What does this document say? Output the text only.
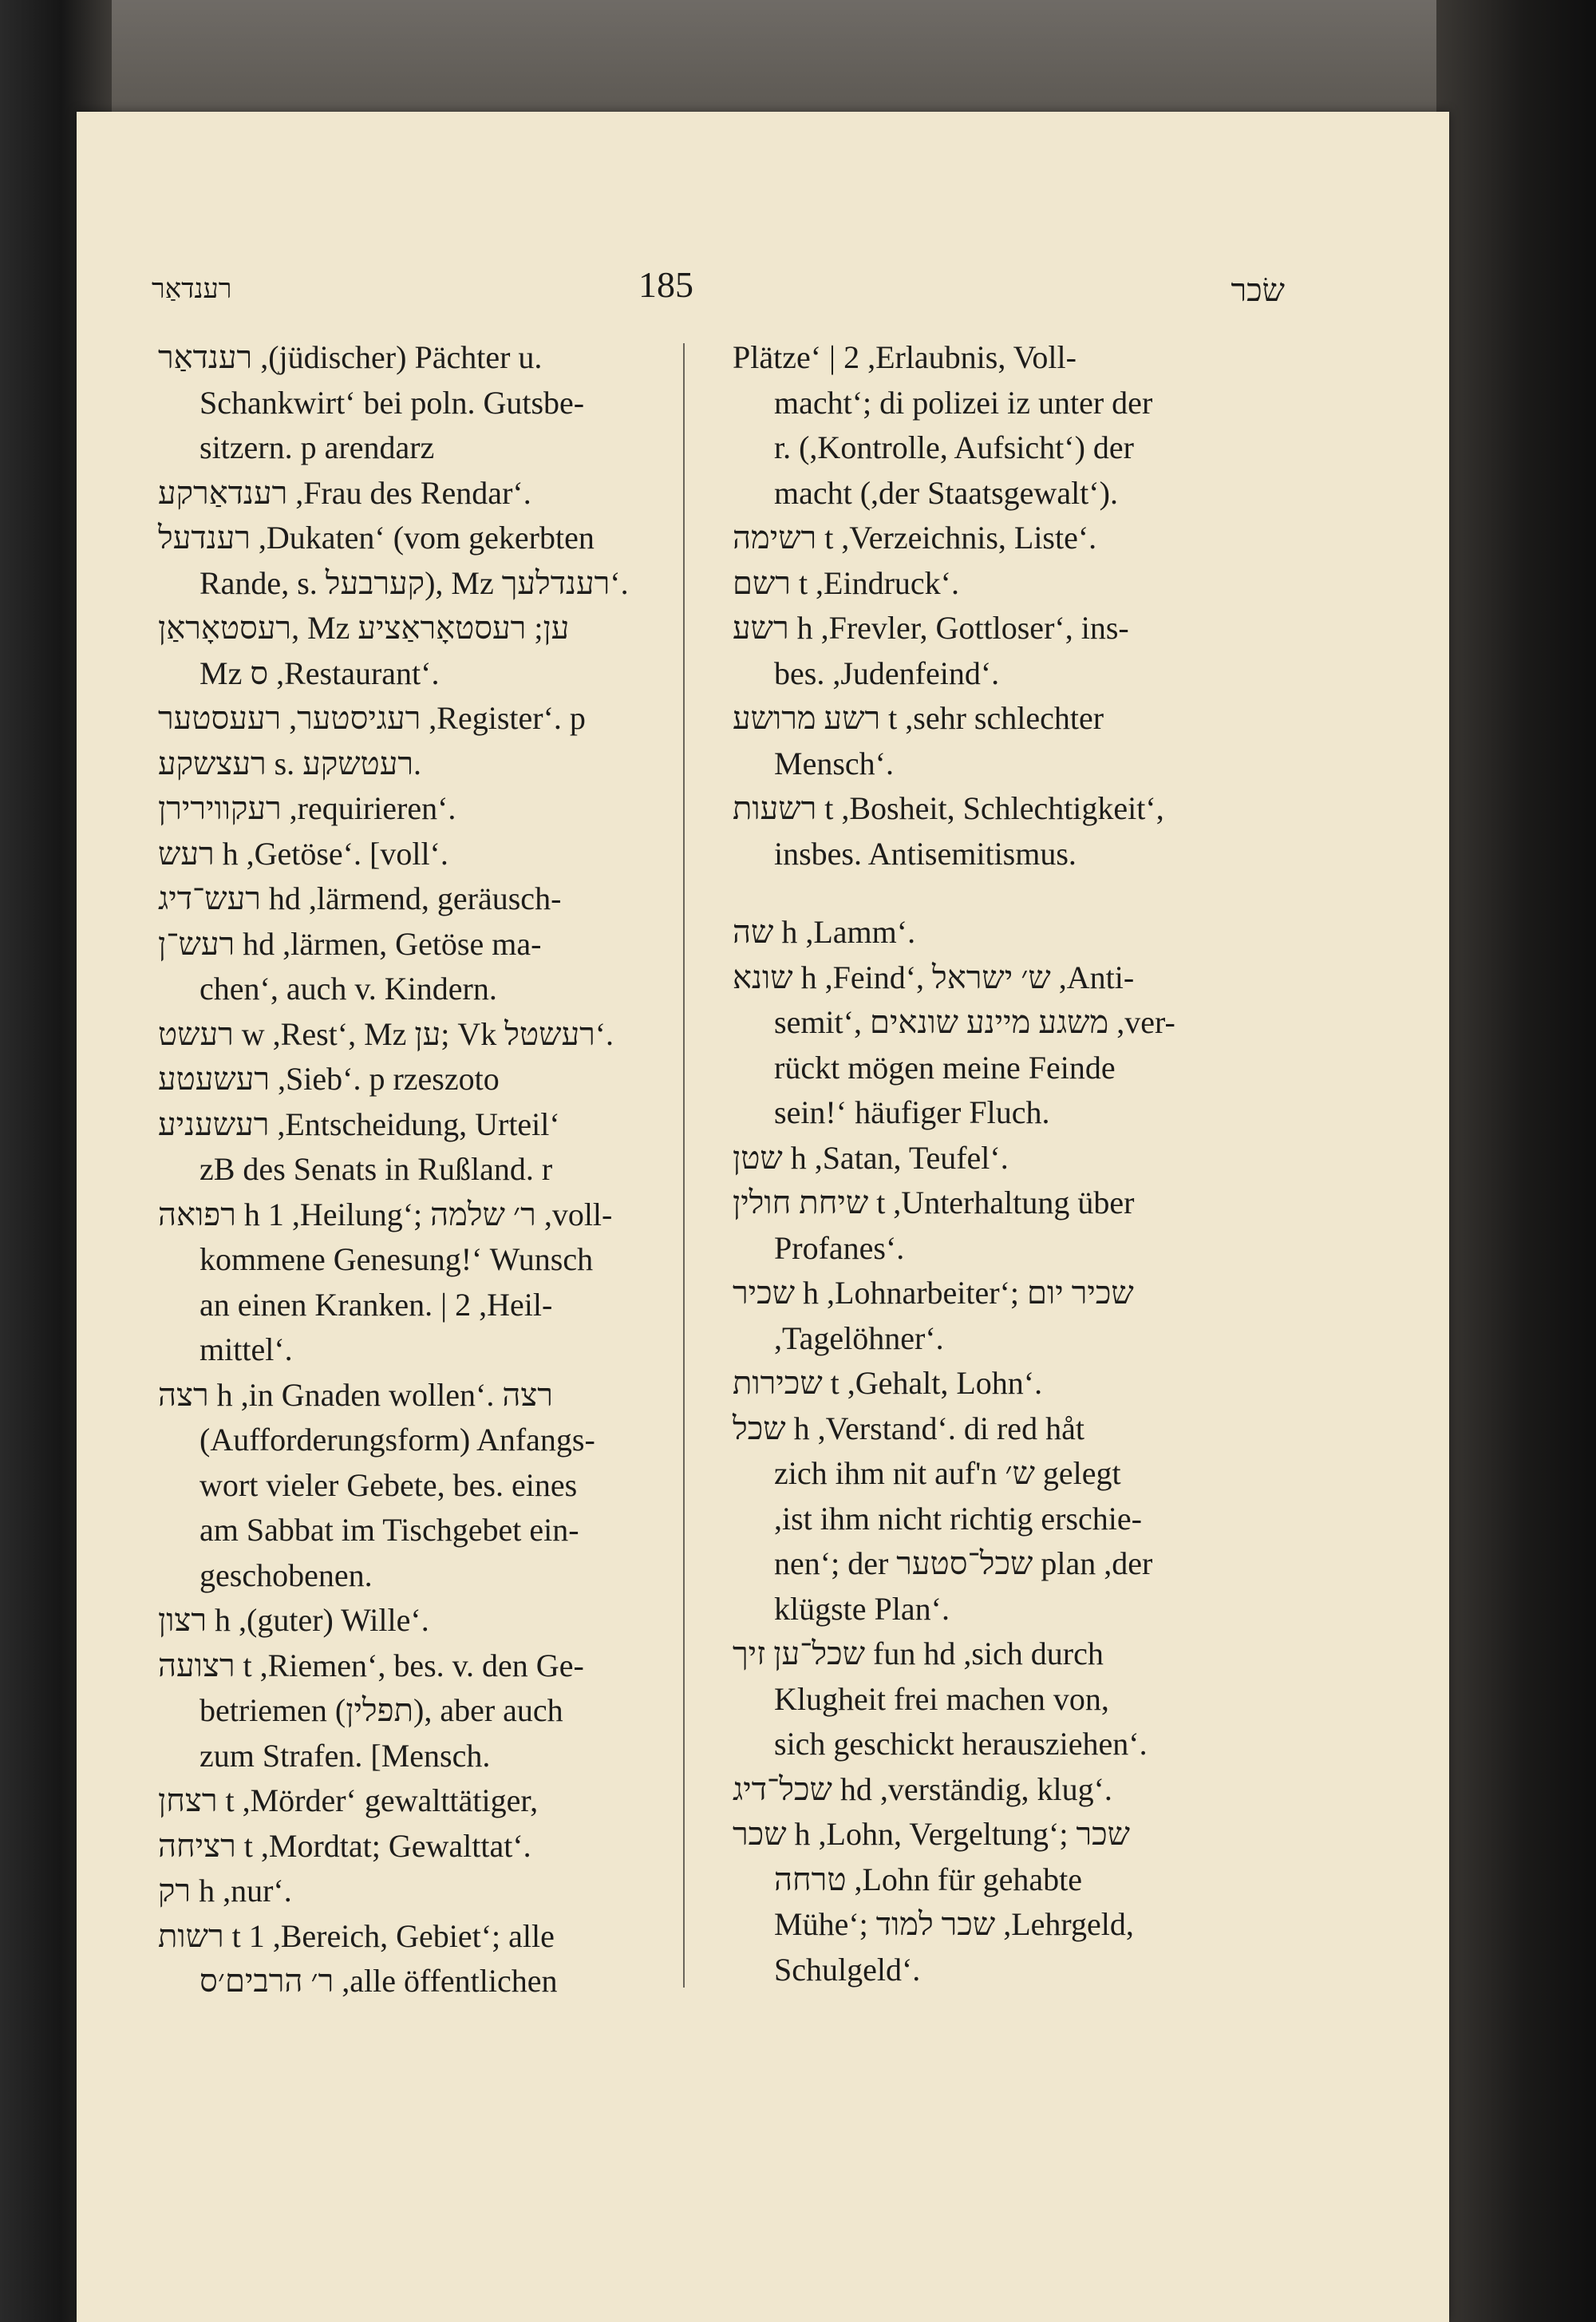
רענדאַר	185	שׂכר
רענדאַר ,(jüdischer) Pächter u.
Schankwirt‘ bei poln. Gutsbe-
sitzern. p arendarz
רענדאַרקע ,Frau des Rendar‘.
רענדעל ,Dukaten‘ (vom gekerbten
Rande, s. קערבעל), Mz רענדלעך‘.
רעסטאָראַן, Mz ען; רעסטאָראַציע
Mz ס ,Restaurant‘.
רעגיסטער, רעעסטער ,Register‘. p
רעצשקע s. רעטשקע.
רעקווירירן ,requirieren‘.
רעש h ,Getöse‘. [voll‘.
רעש־דיג hd ,lärmend, geräusch-
רעש־ן hd ,lärmen, Getöse ma-
chen‘, auch v. Kindern.
רעשט w ,Rest‘, Mz ען; Vk רעשטל‘.
רעשעטע ,Sieb‘. p rzeszoto
רעשעניע ,Entscheidung, Urteil‘
zB des Senats in Rußland. r
רפואה h 1 ,Heilung‘; ר׳ שלמה ,voll-
kommene Genesung!‘ Wunsch
an einen Kranken. | 2 ,Heil-
mittel‘.
רצה h ,in Gnaden wollen‘. רצה
(Aufforderungsform) Anfangs-
wort vieler Gebete, bes. eines
am Sabbat im Tischgebet ein-
geschobenen.
רצון h ,(guter) Wille‘.
רצועה t ,Riemen‘, bes. v. den Ge-
betriemen (תפלין), aber auch
zum Strafen. [Mensch.
רצחן t ,Mörder‘ gewalttätiger,
רציחה t ,Mordtat; Gewalttat‘.
רק h ,nur‘.
רשות t 1 ,Bereich, Gebiet‘; alle
ר׳ הרבים׳ס ,alle öffentlichen
Plätze‘ | 2 ,Erlaubnis, Voll-
macht‘; di polizei iz unter der
r. (,Kontrolle, Aufsicht‘) der
macht (,der Staatsgewalt‘).
רשימה t ,Verzeichnis, Liste‘.
רשם t ,Eindruck‘.
רשע h ,Frevler, Gottloser‘, ins-
bes. ,Judenfeind‘.
רשע מרושע t ,sehr schlechter
Mensch‘.
רשעות t ,Bosheit, Schlechtigkeit‘,
insbes. Antisemitismus.
שה h ,Lamm‘.
שונא h ,Feind‘, ש׳ ישראל ,Anti-
semit‘, משגע מיינע שונאים ,ver-
rückt mögen meine Feinde
sein!‘ häufiger Fluch.
שטן h ,Satan, Teufel‘.
שיחת חולין t ,Unterhaltung über
Profanes‘.
שכיר h ,Lohnarbeiter‘; שכיר יום
,Tagelöhner‘.
שכירות t ,Gehalt, Lohn‘.
שכל h ,Verstand‘. di red håt
zich ihm nit auf'n ש׳ gelegt
,ist ihm nicht richtig erschie-
nen‘; der שכל־סטער plan ,der
klügste Plan‘.
שכל־ען זיך fun hd ,sich durch
Klugheit frei machen von,
sich geschickt herausziehen‘.
שכל־דיג hd ,verständig, klug‘.
שכר h ,Lohn, Vergeltung‘; שכר
טרחה ,Lohn für gehabte
Mühe‘; שכר למוד ,Lehrgeld,
Schulgeld‘.
